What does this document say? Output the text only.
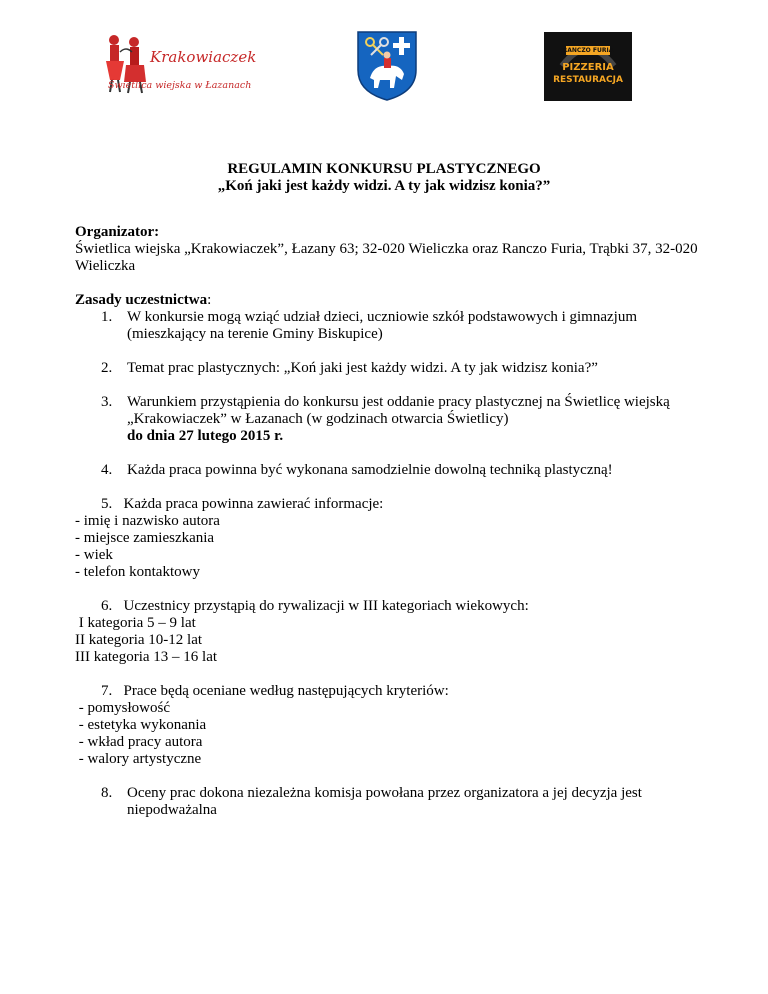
Krakowiaczek
Świetlica wiejska w Łazanach
RANCZO FURIA
PIZZERIA
RESTAURACJA
REGULAMIN KONKURSU PLASTYCZNEGO
„Koń jaki jest każdy widzi. A ty jak widzisz konia?”

Organizator:

Świetlica wiejska „Krakowiaczek”, Łazany 63; 32-020 Wieliczka oraz Ranczo Furia, Trąbki 37, 32-020 Wieliczka

Zasady uczestnictwa:

1. W konkursie mogą wziąć udział dzieci, uczniowie szkół podstawowych i gimnazjum (mieszkający na terenie Gminy Biskupice)
2. Temat prac plastycznych: „Koń jaki jest każdy widzi. A ty jak widzisz konia?”
3. Warunkiem przystąpienia do konkursu jest oddanie pracy plastycznej na Świetlicę wiejską „Krakowiaczek” w Łazanach (w godzinach otwarcia Świetlicy)
do dnia 27 lutego 2015 r.
4. Każda praca powinna być wykonana samodzielnie dowolną techniką plastyczną!

5.   Każda praca powinna zawierać informacje:

- imię i nazwisko autora

- miejsce zamieszkania

- wiek

- telefon kontaktowy

6.   Uczestnicy przystąpią do rywalizacji w III kategoriach wiekowych:

I kategoria 5 – 9 lat

II kategoria 10-12 lat

III kategoria 13 – 16 lat

7.   Prace będą oceniane według następujących kryteriów:

- pomysłowość

- estetyka wykonania

- wkład pracy autora

- walory artystyczne

8. Oceny prac dokona niezależna komisja powołana przez organizatora a jej decyzja jest niepodważalna
